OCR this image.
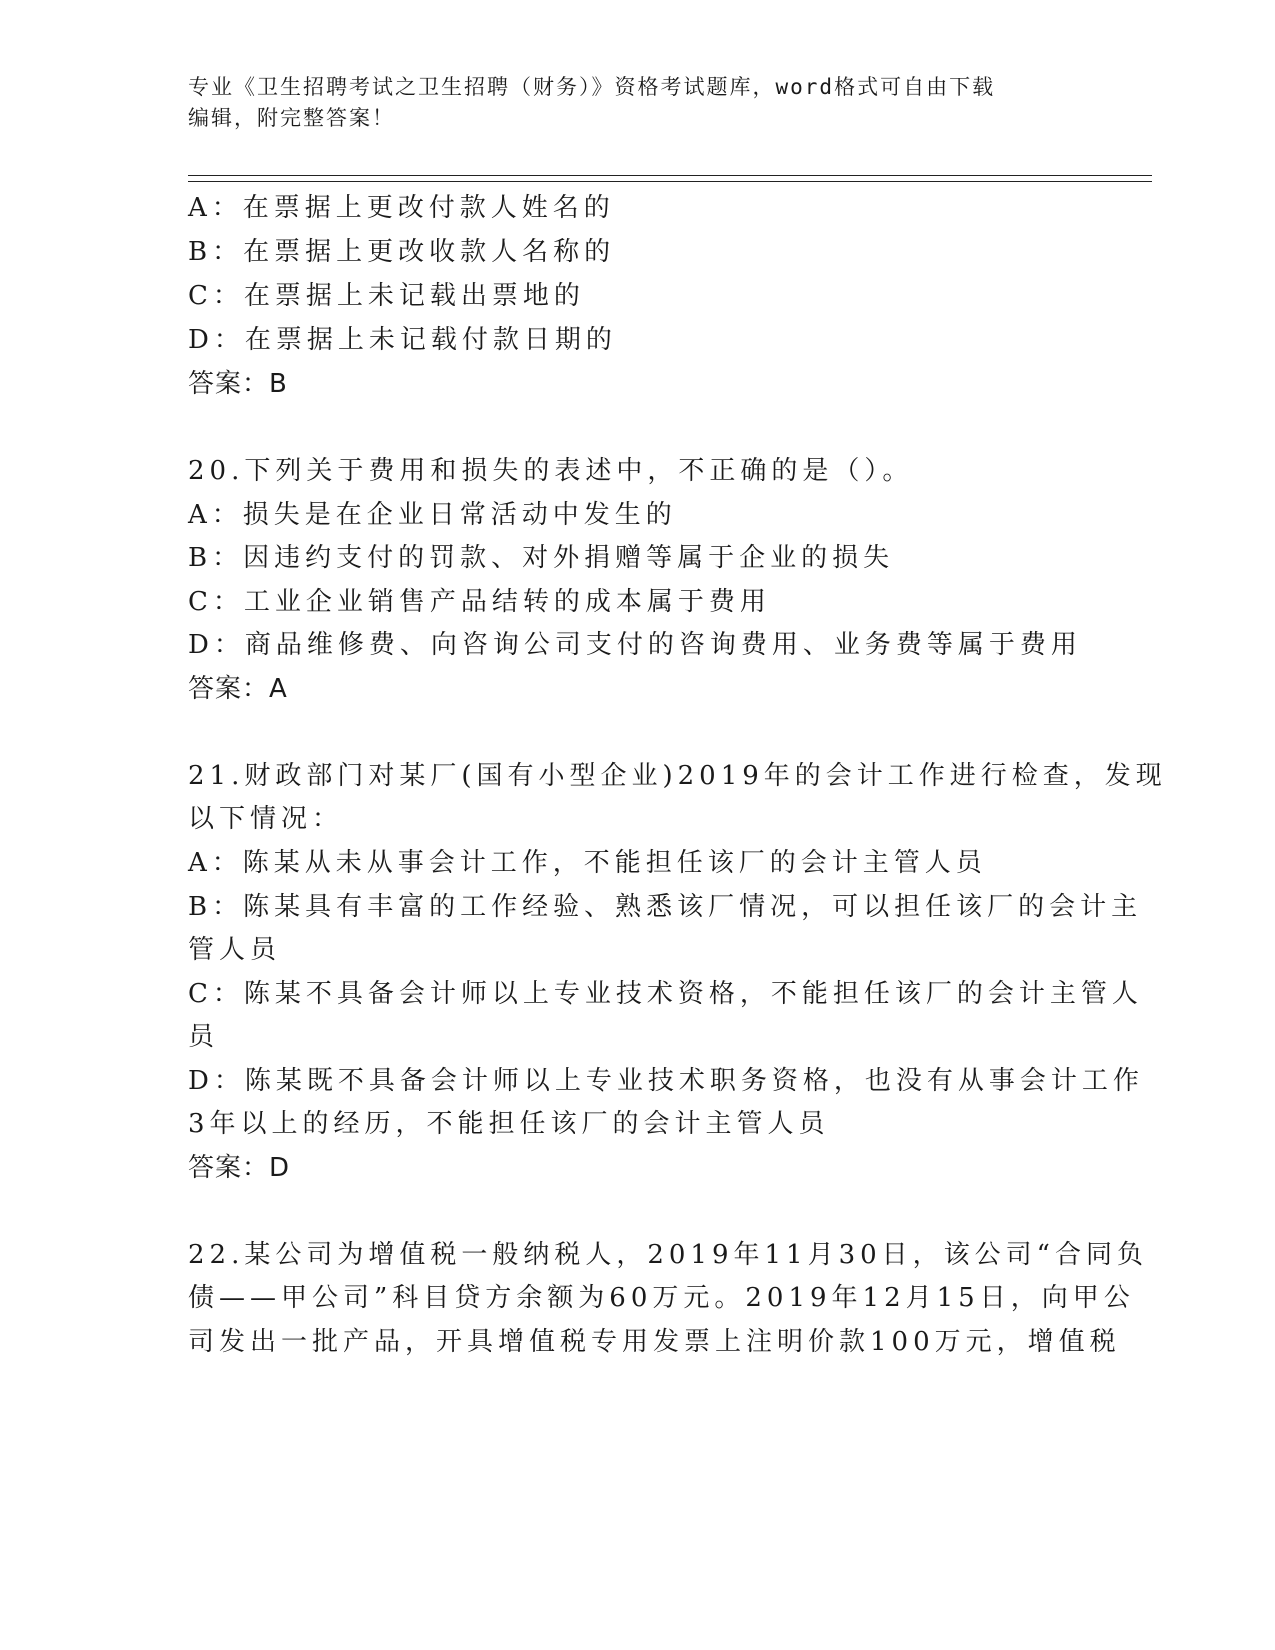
专业《卫生招聘考试之卫生招聘（财务）》资格考试题库，word格式可自由下载
编辑，附完整答案！
A：在票据上更改付款人姓名的
B：在票据上更改收款人名称的
C：在票据上未记载出票地的
D：在票据上未记载付款日期的
答案：B
20.下列关于费用和损失的表述中，不正确的是（）。
A：损失是在企业日常活动中发生的
B：因违约支付的罚款、对外捐赠等属于企业的损失
C：工业企业销售产品结转的成本属于费用
D：商品维修费、向咨询公司支付的咨询费用、业务费等属于费用
答案：A
21.财政部门对某厂(国有小型企业)2019年的会计工作进行检查，发现
以下情况：
A：陈某从未从事会计工作，不能担任该厂的会计主管人员
B：陈某具有丰富的工作经验、熟悉该厂情况，可以担任该厂的会计主
管人员
C：陈某不具备会计师以上专业技术资格，不能担任该厂的会计主管人
员
D：陈某既不具备会计师以上专业技术职务资格，也没有从事会计工作
3年以上的经历，不能担任该厂的会计主管人员
答案：D
22.某公司为增值税一般纳税人，2019年11月30日，该公司“合同负
债——甲公司”科目贷方余额为60万元。2019年12月15日，向甲公
司发出一批产品，开具增值税专用发票上注明价款100万元，增值税
